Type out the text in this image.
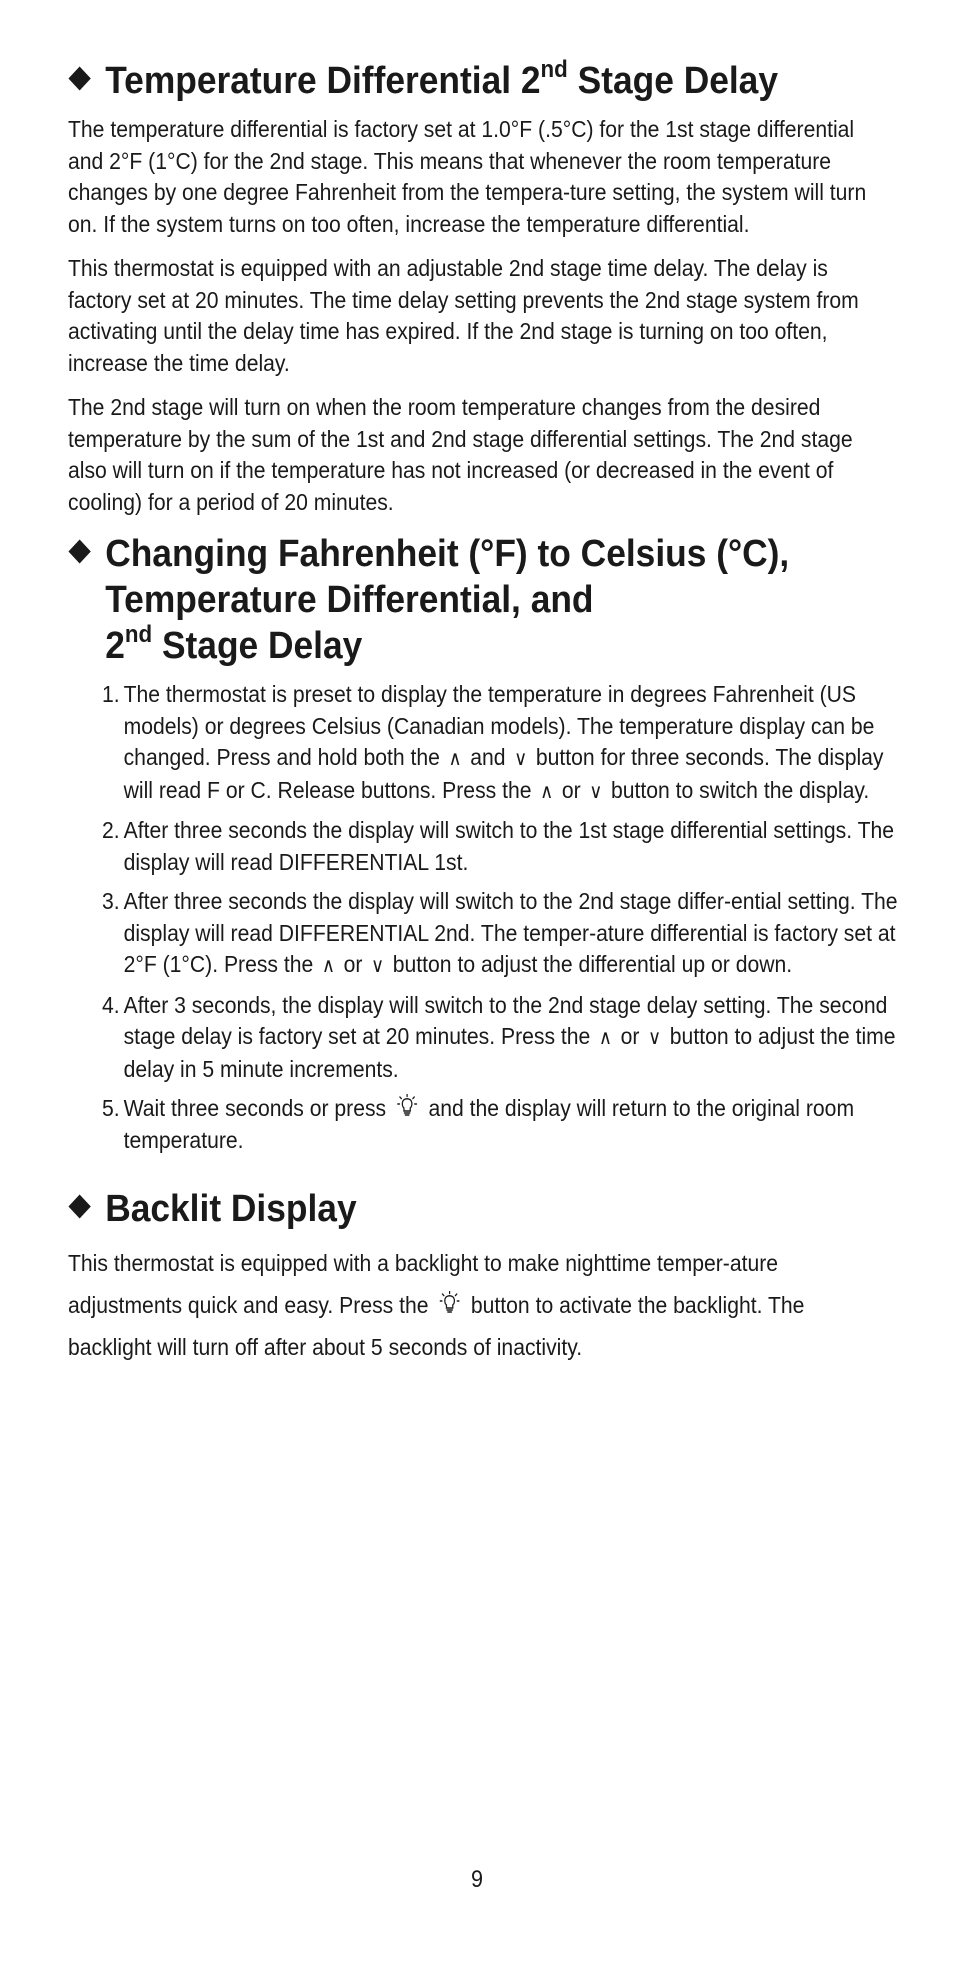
Temperature Differential 2nd Stage Delay

The temperature differential is factory set at 1.0°F (.5°C) for the 1st stage differential and 2°F (1°C) for the 2nd stage. This means that whenever the room temperature changes by one degree Fahrenheit from the tempera-ture setting, the system will turn on. If the system turns on too often, increase the temperature differential.

This thermostat is equipped with an adjustable 2nd stage time delay. The delay is factory set at 20 minutes. The time delay setting prevents the 2nd stage system from activating until the delay time has expired. If the 2nd stage is turning on too often, increase the time delay.

The 2nd stage will turn on when the room temperature changes from the desired temperature by the sum of the 1st and 2nd stage differential settings. The 2nd stage also will turn on if the temperature has not increased (or decreased in the event of cooling) for a period of 20 minutes.

Changing Fahrenheit (°F) to Celsius (°C),
Temperature Differential, and
2nd Stage Delay
1. The thermostat is preset to display the temperature in degrees Fahrenheit (US models) or degrees Celsius (Canadian models). The temperature display can be changed. Press and hold both the ∧ and ∨ button for three seconds. The display will read F or C. Release buttons. Press the ∧ or ∨ button to switch the display.
2. After three seconds the display will switch to the 1st stage differential settings. The display will read DIFFERENTIAL 1st.
3. After three seconds the display will switch to the 2nd stage differ-ential setting. The display will read DIFFERENTIAL 2nd. The temper-ature differential is factory set at 2°F (1°C). Press the ∧ or ∨ button to adjust the differential up or down.
4. After 3 seconds, the display will switch to the 2nd stage delay setting. The second stage delay is factory set at 20 minutes. Press the ∧ or ∨ button to adjust the time delay in 5 minute increments.
5. Wait three seconds or press and the display will return to the original room temperature.
Backlit Display

This thermostat is equipped with a backlight to make nighttime temper-ature adjustments quick and easy. Press the button to activate the backlight. The backlight will turn off after about 5 seconds of inactivity.

9
